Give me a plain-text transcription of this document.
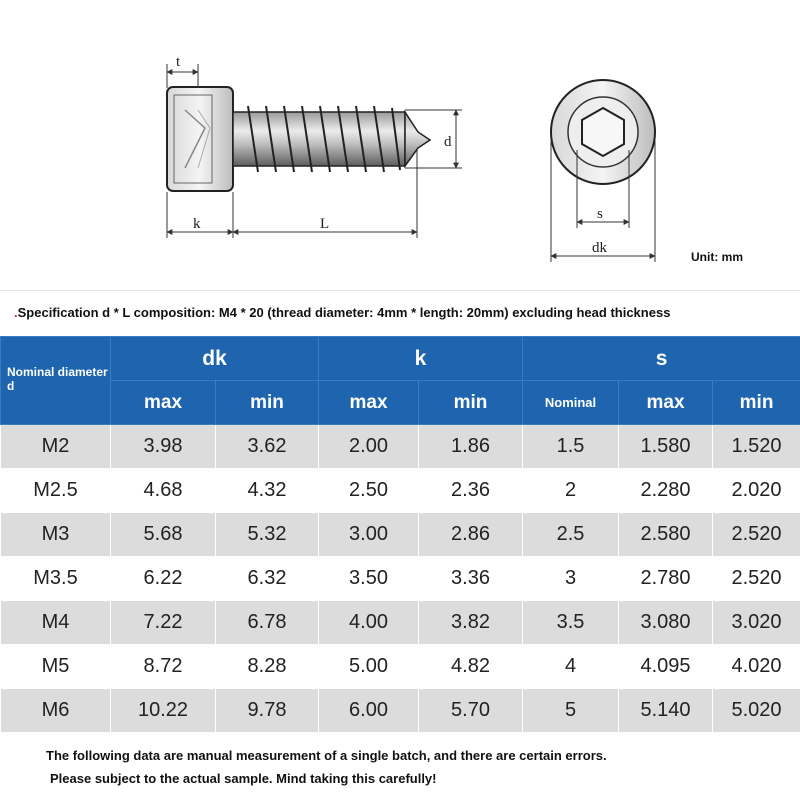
t
k	L
d
s
dk
Unit: mm
.Specification d * L composition: M4 * 20 (thread diameter: 4mm * length: 20mm) excluding head thickness
Nominal diameter d	dk		k		s		
	max	min	max	min	Nominal	max	min
M2	3.98	3.62	2.00	1.86	1.5	1.580	1.520
M2.5	4.68	4.32	2.50	2.36	2	2.280	2.020
M3	5.68	5.32	3.00	2.86	2.5	2.580	2.520
M3.5	6.22	6.32	3.50	3.36	3	2.780	2.520
M4	7.22	6.78	4.00	3.82	3.5	3.080	3.020
M5	8.72	8.28	5.00	4.82	4	4.095	4.020
M6	10.22	9.78	6.00	5.70	5	5.140	5.020
The following data are manual measurement of a single batch, and there are certain errors.
Please subject to the actual sample. Mind taking this carefully!
